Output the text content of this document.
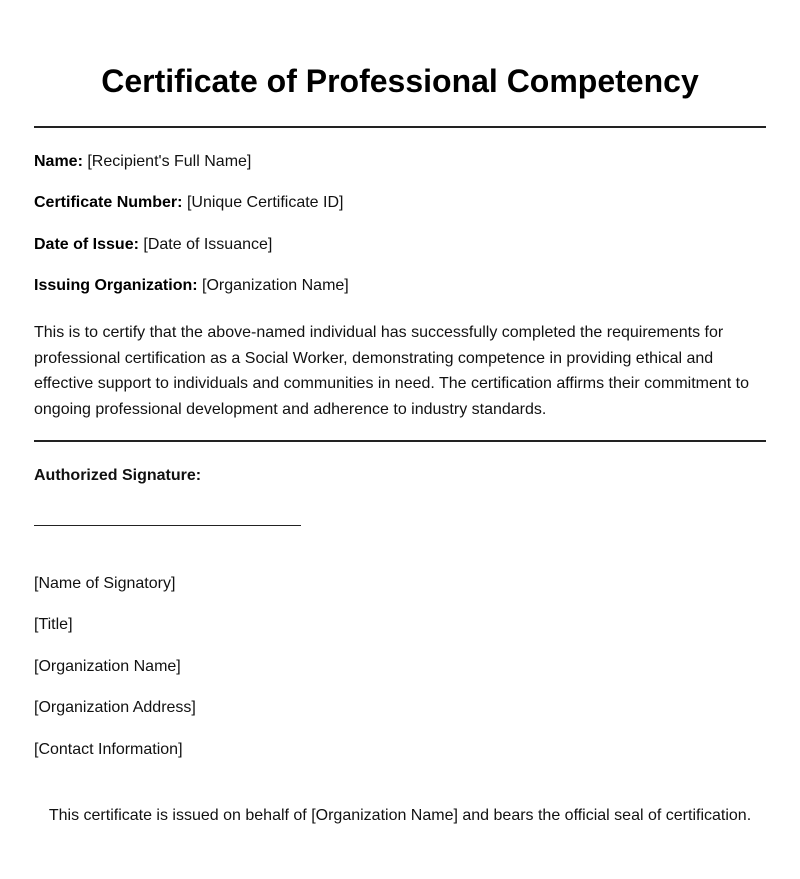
Certificate of Professional Competency
Name: [Recipient's Full Name]
Certificate Number: [Unique Certificate ID]
Date of Issue: [Date of Issuance]
Issuing Organization: [Organization Name]

This is to certify that the above-named individual has successfully completed the requirements for professional certification as a Social Worker, demonstrating competence in providing ethical and effective support to individuals and communities in need. The certification affirms their commitment to ongoing professional development and adherence to industry standards.

Authorized Signature:
[Name of Signatory]
[Title]
[Organization Name]
[Organization Address]
[Contact Information]
This certificate is issued on behalf of [Organization Name] and bears the official seal of certification.
